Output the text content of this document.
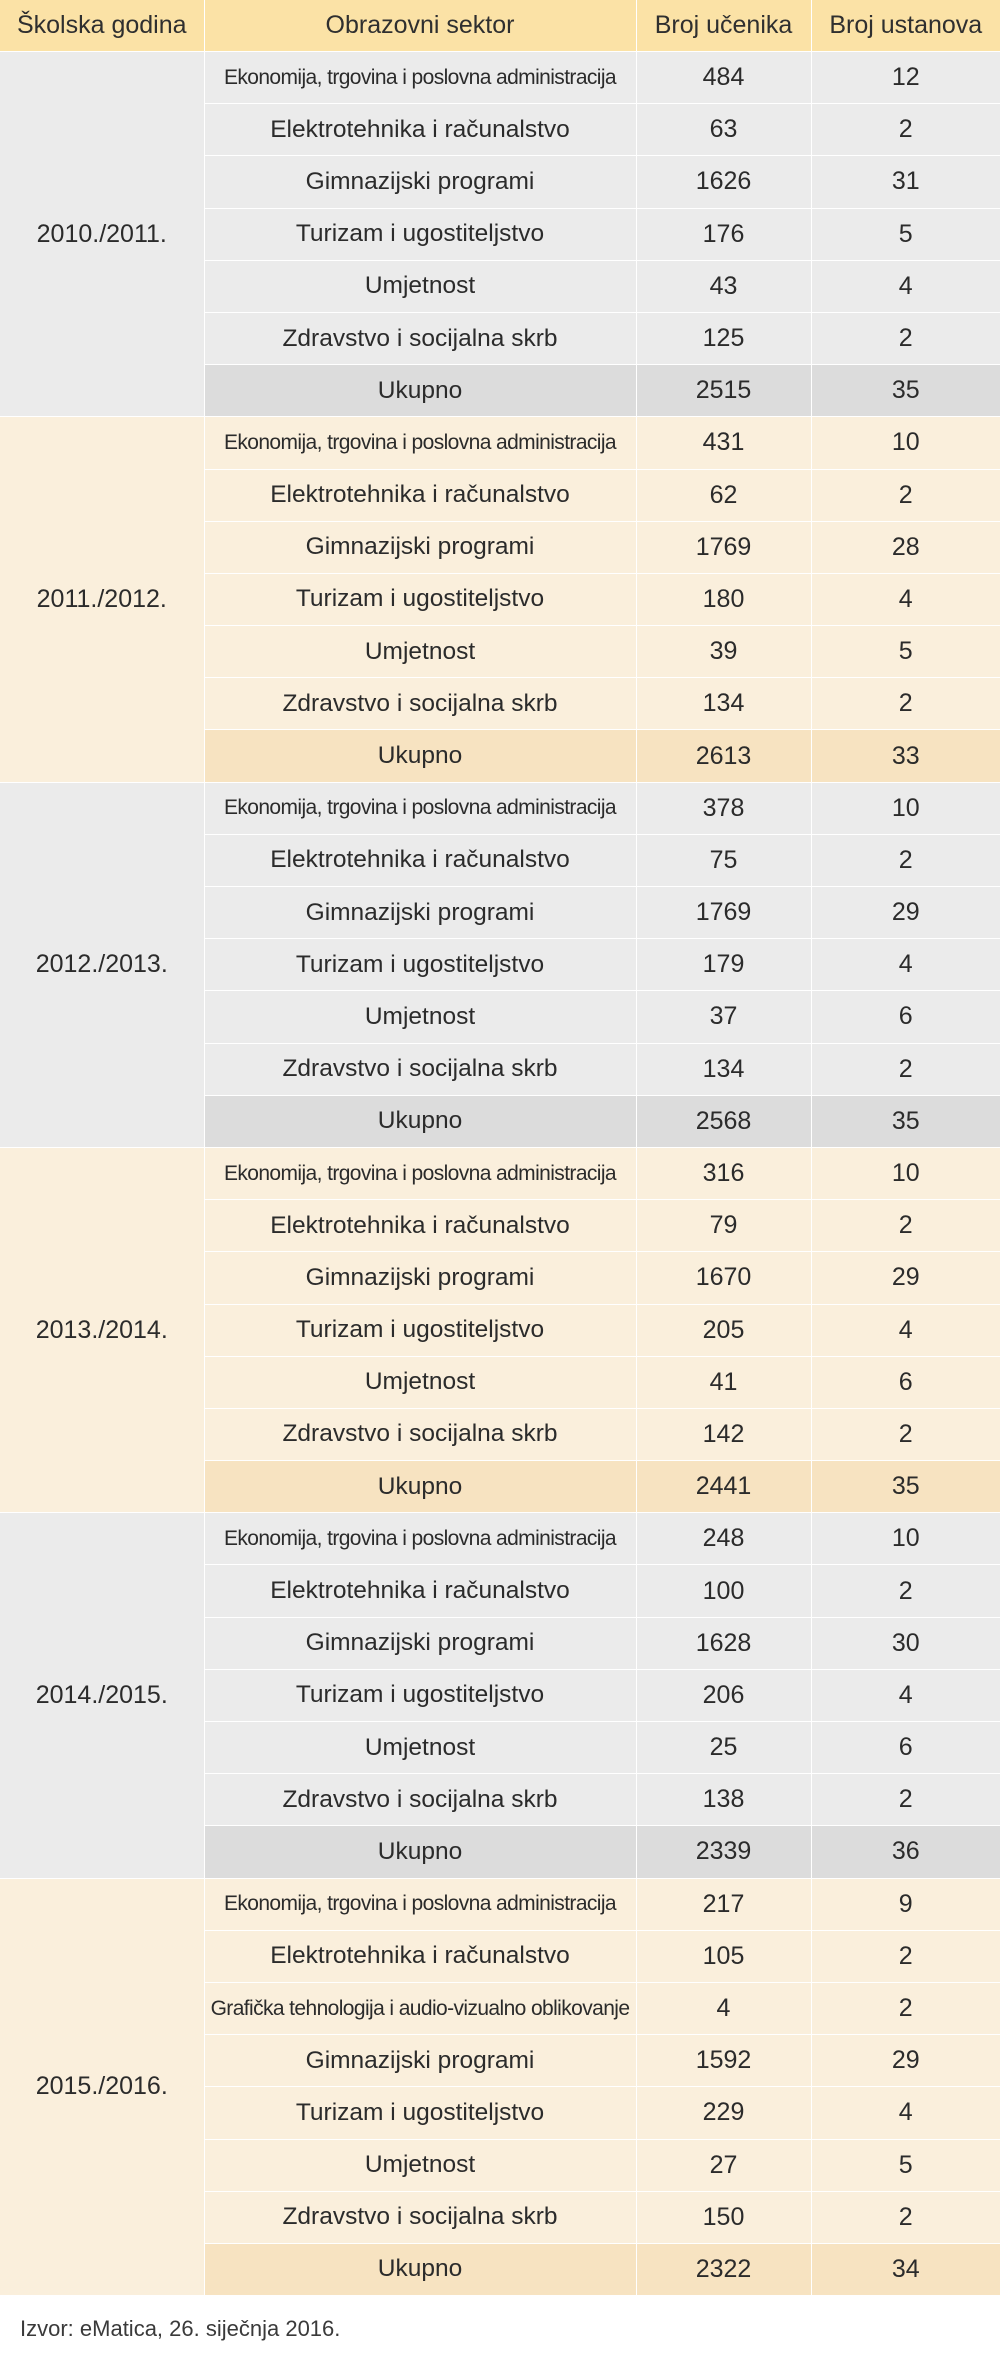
Školska godina	Obrazovni sektor	Broj učenika	Broj ustanova
2010./2011.	Ekonomija, trgovina i poslovna administracija	484	12
	Elektrotehnika i računalstvo	63	2
	Gimnazijski programi	1626	31
	Turizam i ugostiteljstvo	176	5
	Umjetnost	43	4
	Zdravstvo i socijalna skrb	125	2
	Ukupno	2515	35
2011./2012.	Ekonomija, trgovina i poslovna administracija	431	10
	Elektrotehnika i računalstvo	62	2
	Gimnazijski programi	1769	28
	Turizam i ugostiteljstvo	180	4
	Umjetnost	39	5
	Zdravstvo i socijalna skrb	134	2
	Ukupno	2613	33
2012./2013.	Ekonomija, trgovina i poslovna administracija	378	10
	Elektrotehnika i računalstvo	75	2
	Gimnazijski programi	1769	29
	Turizam i ugostiteljstvo	179	4
	Umjetnost	37	6
	Zdravstvo i socijalna skrb	134	2
	Ukupno	2568	35
2013./2014.	Ekonomija, trgovina i poslovna administracija	316	10
	Elektrotehnika i računalstvo	79	2
	Gimnazijski programi	1670	29
	Turizam i ugostiteljstvo	205	4
	Umjetnost	41	6
	Zdravstvo i socijalna skrb	142	2
	Ukupno	2441	35
2014./2015.	Ekonomija, trgovina i poslovna administracija	248	10
	Elektrotehnika i računalstvo	100	2
	Gimnazijski programi	1628	30
	Turizam i ugostiteljstvo	206	4
	Umjetnost	25	6
	Zdravstvo i socijalna skrb	138	2
	Ukupno	2339	36
2015./2016.	Ekonomija, trgovina i poslovna administracija	217	9
	Elektrotehnika i računalstvo	105	2
	Grafička tehnologija i audio-vizualno oblikovanje	4	2
	Gimnazijski programi	1592	29
	Turizam i ugostiteljstvo	229	4
	Umjetnost	27	5
	Zdravstvo i socijalna skrb	150	2
	Ukupno	2322	34
Izvor: eMatica, 26. siječnja 2016.
